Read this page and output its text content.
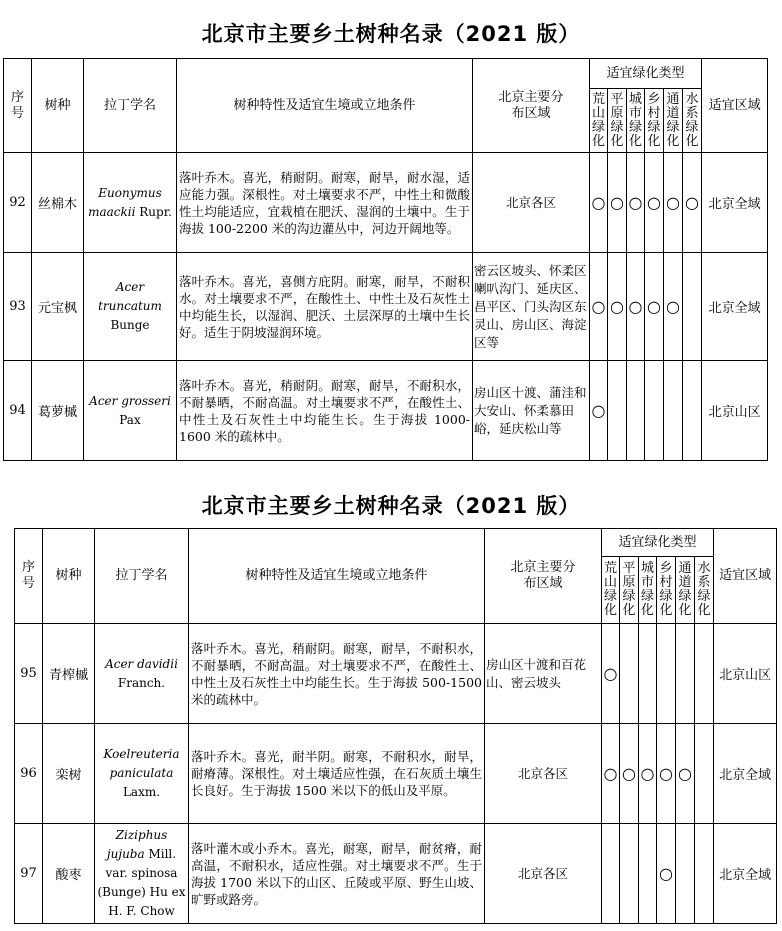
北京市主要乡土树种名录（2021 版）
序号	树种	拉丁学名	树种特性及适宜生境或立地条件	北京主要分布区域	适宜绿化类型						适宜区域
					荒山绿化	平原绿化	城市绿化	乡村绿化	通道绿化	水系绿化	
92	丝棉木	Euonymus maackii Rupr.	落叶乔木。喜光，稍耐阴。耐寒，耐旱，耐水湿，适应能力强。深根性。对土壤要求不严，中性土和微酸性土均能适应，宜栽植在肥沃、湿润的土壤中。生于海拔 100-2200 米的沟边灌丛中，河边开阔地等。	北京各区	○	○	○	○	○	○	北京全域
93	元宝枫	Acer truncatum Bunge	落叶乔木。喜光，喜侧方庇阴。耐寒，耐旱，不耐积水。对土壤要求不严，在酸性土、中性土及石灰性土中均能生长，以湿润、肥沃、土层深厚的土壤中生长好。适生于阴坡湿润环境。	密云区坡头、怀柔区喇叭沟门、延庆区、昌平区、门头沟区东灵山、房山区、海淀区等	○	○	○	○	○		北京全域
94	葛萝槭	Acer grosseri Pax	落叶乔木。喜光，稍耐阴。耐寒，耐旱，不耐积水，不耐暴晒，不耐高温。对土壤要求不严，在酸性土、中性土及石灰性土中均能生长。生于海拔 1000-1600 米的疏林中。	房山区十渡、蒲洼和大安山、怀柔慕田峪，延庆松山等	○						北京山区
北京市主要乡土树种名录（2021 版）
序号	树种	拉丁学名	树种特性及适宜生境或立地条件	北京主要分布区域	适宜绿化类型						适宜区域
					荒山绿化	平原绿化	城市绿化	乡村绿化	通道绿化	水系绿化	
95	青榨槭	Acer davidii Franch.	落叶乔木。喜光，稍耐阴。耐寒，耐旱，不耐积水，不耐暴晒，不耐高温。对土壤要求不严，在酸性土、中性土及石灰性土中均能生长。生于海拔 500-1500 米的疏林中。	房山区十渡和百花山、密云坡头	○						北京山区
96	栾树	Koelreuteria paniculata Laxm.	落叶乔木。喜光，耐半阴。耐寒，不耐积水，耐旱，耐瘠薄。深根性。对土壤适应性强，在石灰质土壤生长良好。生于海拔 1500 米以下的低山及平原。	北京各区	○	○	○	○	○		北京全域
97	酸枣	Ziziphus jujuba Mill. var. spinosa (Bunge) Hu ex H. F. Chow	落叶灌木或小乔木。喜光，耐寒，耐旱，耐贫瘠，耐高温，不耐积水，适应性强。对土壤要求不严。生于海拔 1700 米以下的山区、丘陵或平原、野生山坡、旷野或路旁。	北京各区				○			北京全域
